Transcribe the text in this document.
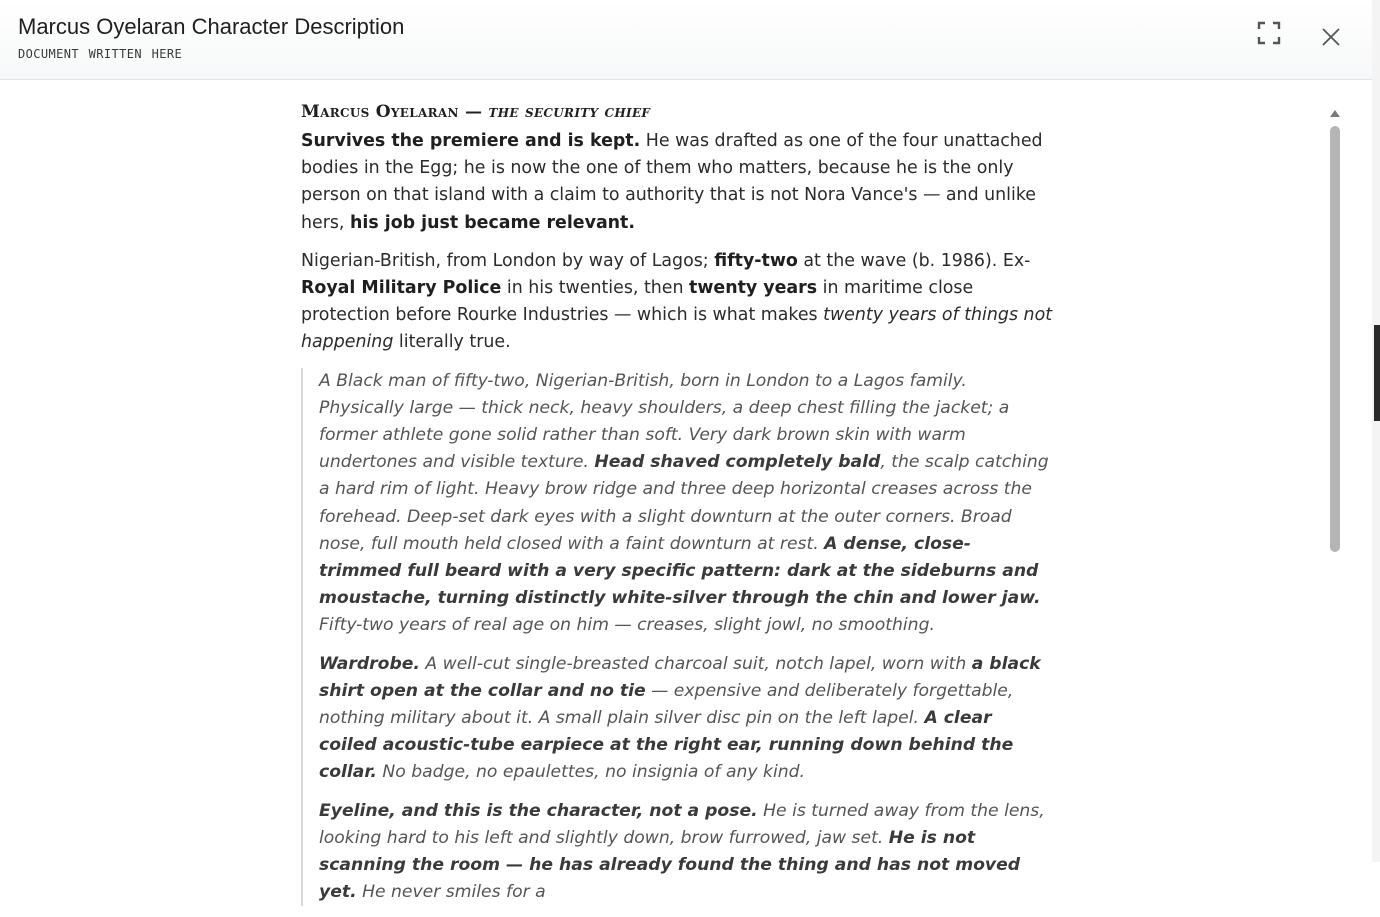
Marcus Oyelaran Character Description
DOCUMENT WRITTEN HERE
Marcus Oyelaran — the security chief

Survives the premiere and is kept. He was drafted as one of the four unattached bodies in the Egg; he is now the one of them who matters, because he is the only person on that island with a claim to authority that is not Nora Vance's — and unlike hers, his job just became relevant.

Nigerian-British, from London by way of Lagos; fifty-two at the wave (b. 1986). Ex-Royal Military Police in his twenties, then twenty years in maritime close protection before Rourke Industries — which is what makes twenty years of things not happening literally true.

A Black man of fifty-two, Nigerian-British, born in London to a Lagos family. Physically large — thick neck, heavy shoulders, a deep chest filling the jacket; a former athlete gone solid rather than soft. Very dark brown skin with warm undertones and visible texture. Head shaved completely bald, the scalp catching a hard rim of light. Heavy brow ridge and three deep horizontal creases across the forehead. Deep-set dark eyes with a slight downturn at the outer corners. Broad nose, full mouth held closed with a faint downturn at rest. A dense, close-trimmed full beard with a very specific pattern: dark at the sideburns and moustache, turning distinctly white-silver through the chin and lower jaw. Fifty-two years of real age on him — creases, slight jowl, no smoothing.

Wardrobe. A well-cut single-breasted charcoal suit, notch lapel, worn with a black shirt open at the collar and no tie — expensive and deliberately forgettable, nothing military about it. A small plain silver disc pin on the left lapel. A clear coiled acoustic-tube earpiece at the right ear, running down behind the collar. No badge, no epaulettes, no insignia of any kind.

Eyeline, and this is the character, not a pose. He is turned away from the lens, looking hard to his left and slightly down, brow furrowed, jaw set. He is not scanning the room — he has already found the thing and has not moved yet. He never smiles for a
